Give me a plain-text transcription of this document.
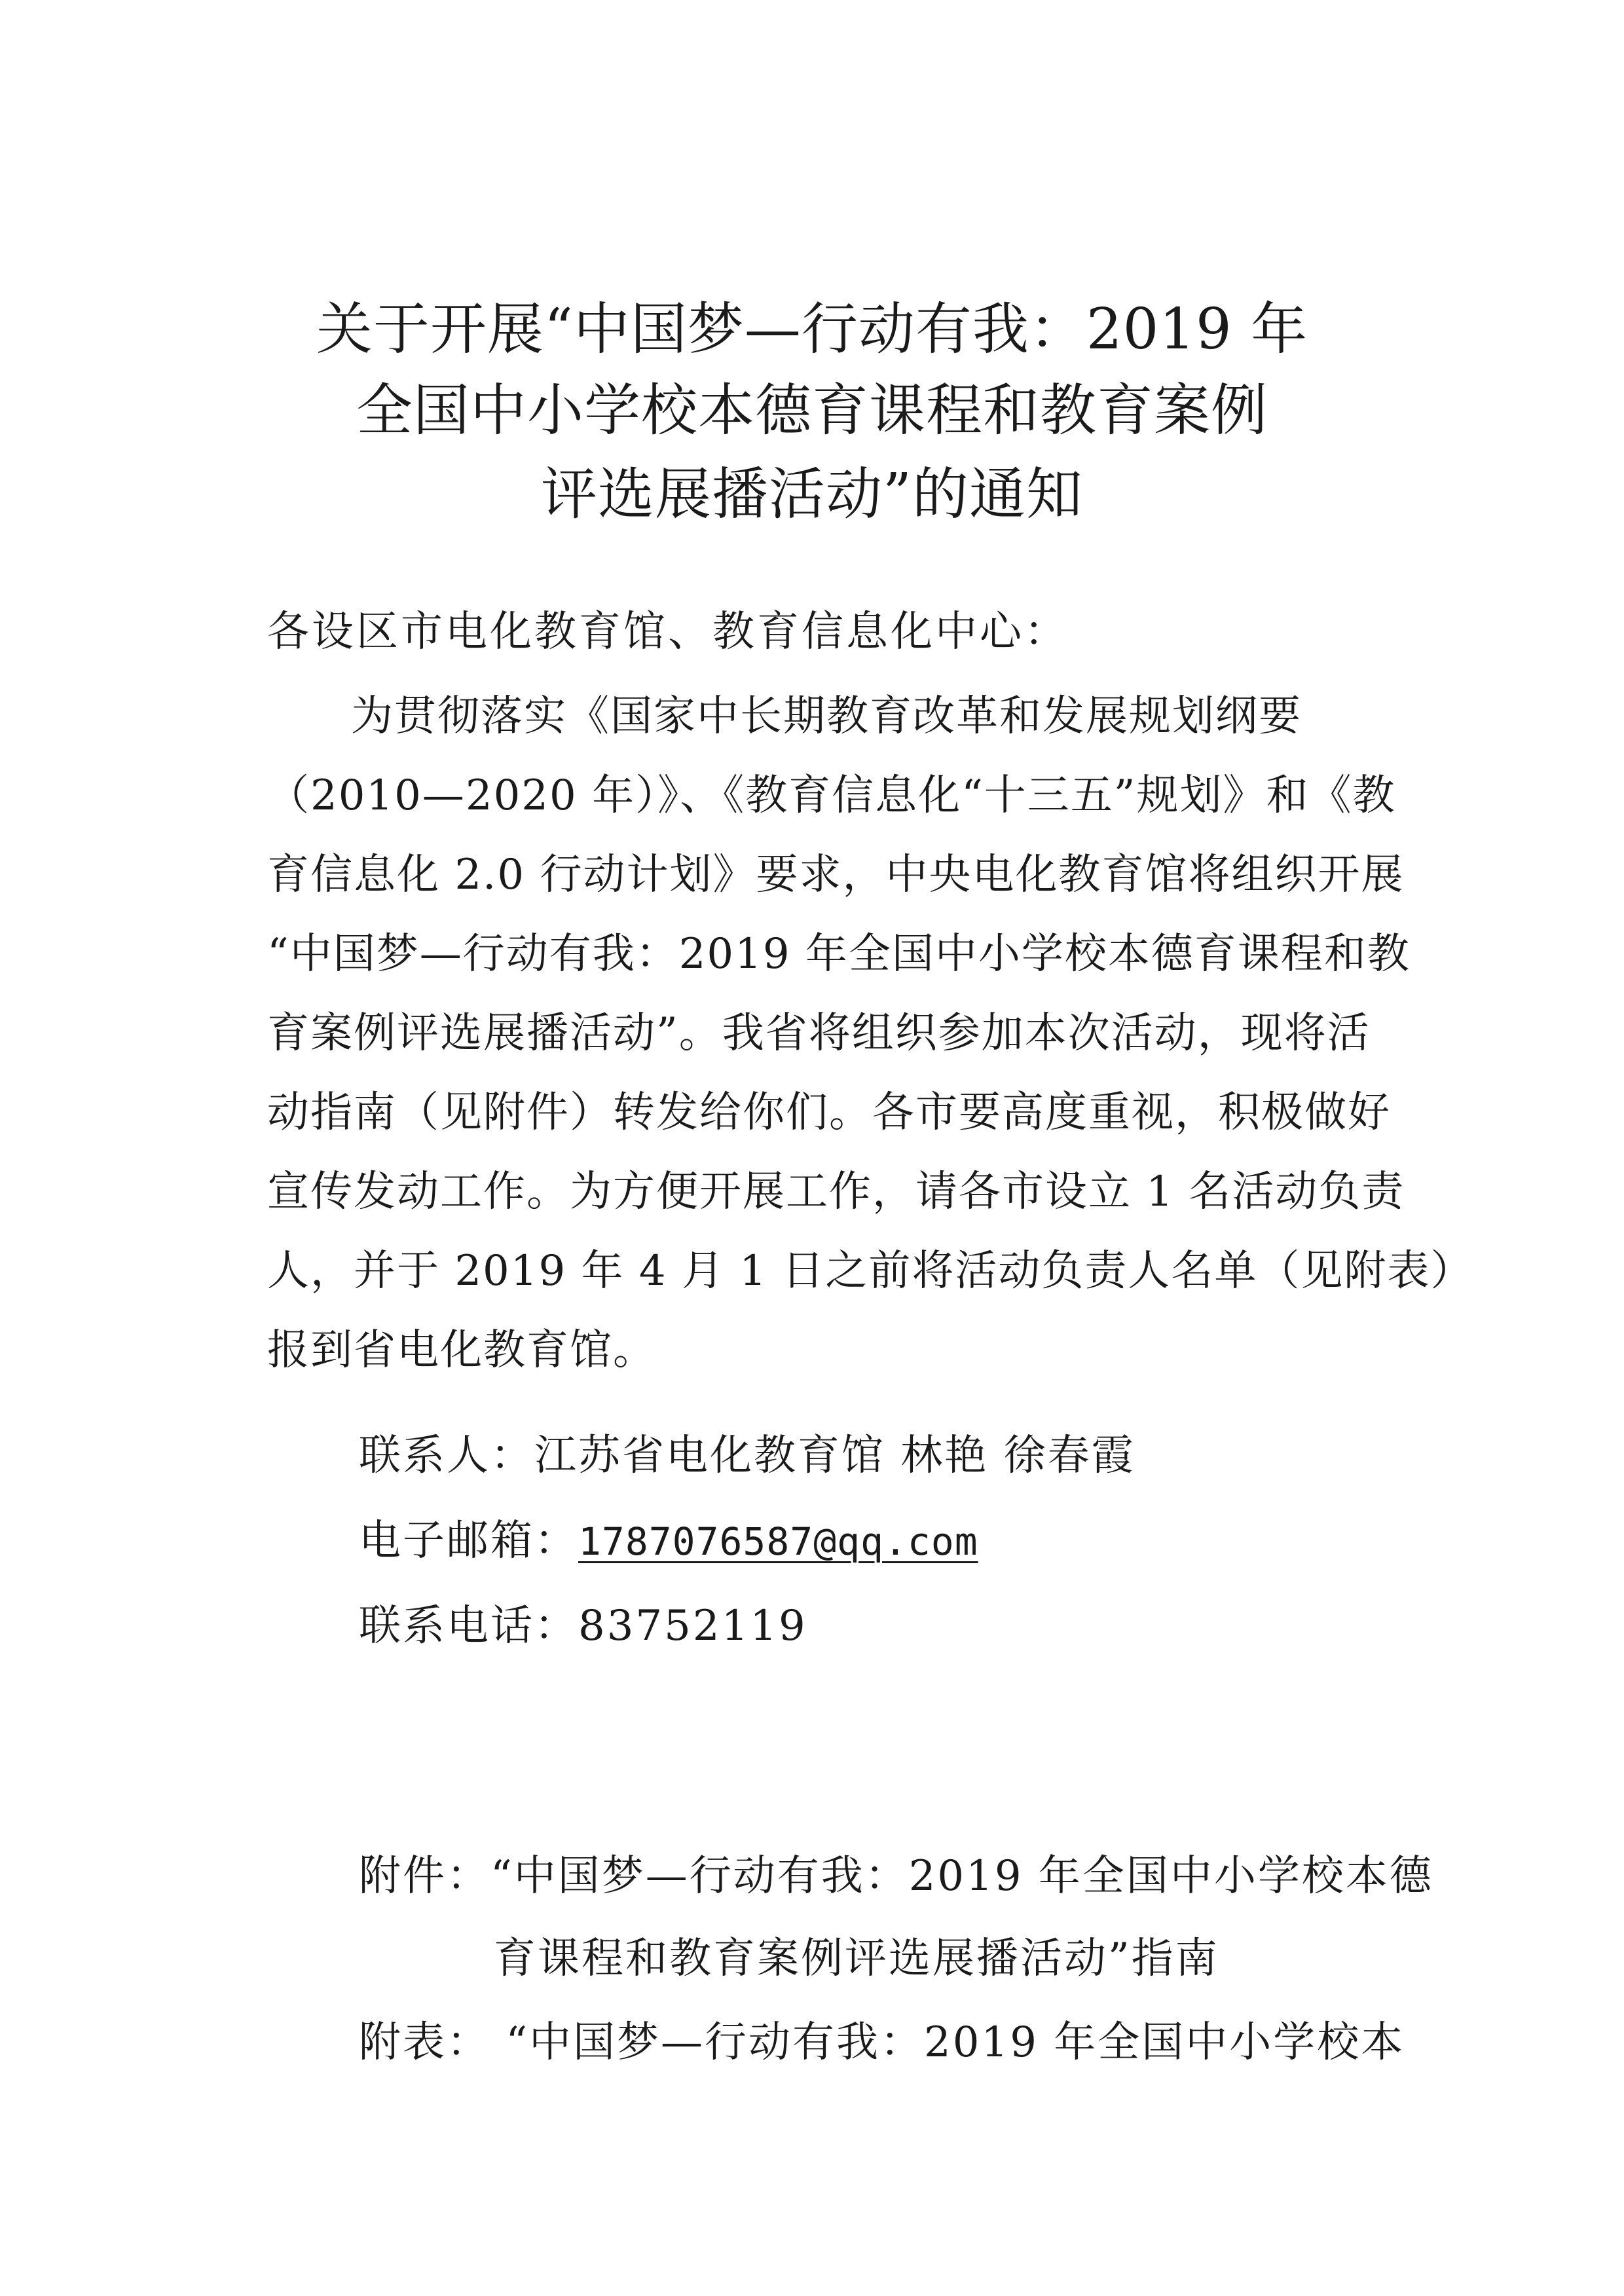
关于开展“中国梦—行动有我：2019 年
全国中小学校本德育课程和教育案例
评选展播活动”的通知
各设区市电化教育馆、教育信息化中心：
为贯彻落实《国家中长期教育改革和发展规划纲要
（2010—2020 年）》、《教育信息化“十三五”规划》和《教
育信息化 2.0 行动计划》要求，中央电化教育馆将组织开展
“中国梦—行动有我：2019 年全国中小学校本德育课程和教
育案例评选展播活动”。我省将组织参加本次活动，现将活
动指南（见附件）转发给你们。各市要高度重视，积极做好
宣传发动工作。为方便开展工作，请各市设立 1 名活动负责
人，并于 2019 年 4 月 1 日之前将活动负责人名单（见附表）
报到省电化教育馆。
联系人：江苏省电化教育馆 林艳 徐春霞
电子邮箱：1787076587@qq.com
联系电话：83752119
附件：“中国梦—行动有我：2019 年全国中小学校本德
育课程和教育案例评选展播活动”指南
附表： “中国梦—行动有我：2019 年全国中小学校本
